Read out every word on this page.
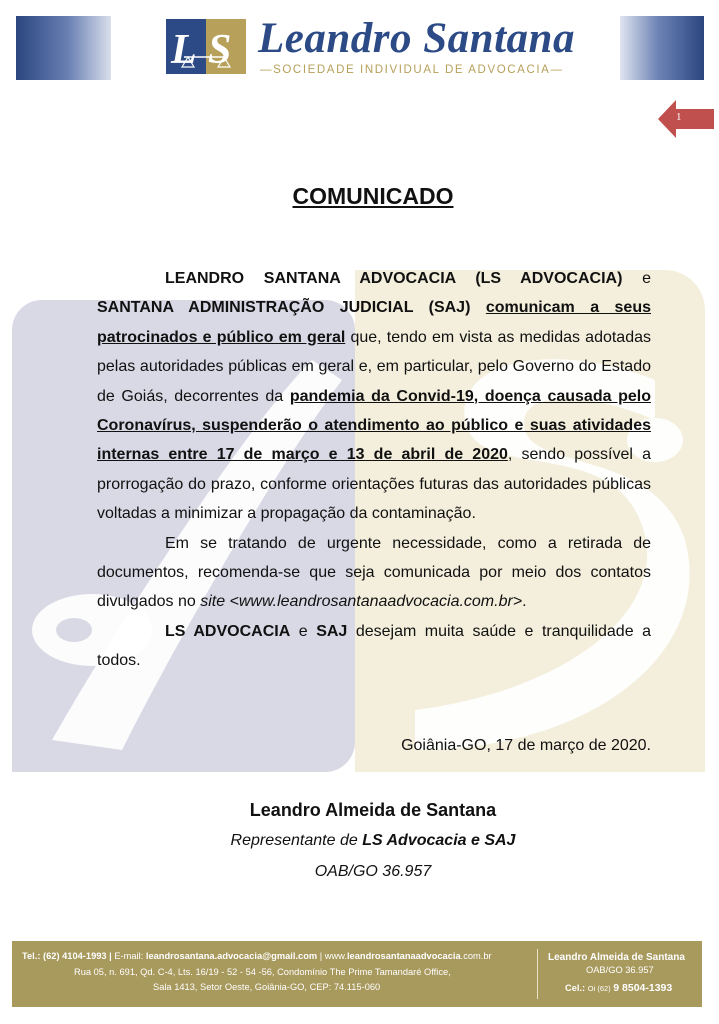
L S Leandro Santana
—SOCIEDADE INDIVIDUAL DE ADVOCACIA—
1
COMUNICADO

LEANDRO SANTANA ADVOCACIA (LS ADVOCACIA) e SANTANA ADMINISTRAÇÃO JUDICIAL (SAJ) comunicam a seus patrocinados e público em geral que, tendo em vista as medidas adotadas pelas autoridades públicas em geral e, em particular, pelo Governo do Estado de Goiás, decorrentes da pandemia da Convid-19, doença causada pelo Coronavírus, suspenderão o atendimento ao público e suas atividades internas entre 17 de março e 13 de abril de 2020, sendo possível a prorrogação do prazo, conforme orientações futuras das autoridades públicas voltadas a minimizar a propagação da contaminação.

Em se tratando de urgente necessidade, como a retirada de documentos, recomenda-se que seja comunicada por meio dos contatos divulgados no site <www.leandrosantanaadvocacia.com.br>.

LS ADVOCACIA e SAJ desejam muita saúde e tranquilidade a todos.

Goiânia-GO, 17 de março de 2020.
Leandro Almeida de Santana
Representante de LS Advocacia e SAJ
OAB/GO 36.957
Tel.: (62) 4104-1993 | E-mail: leandrosantana.advocacia@gmail.com | www.leandrosantanaadvocacia.com.br
Rua 05, n. 691, Qd. C-4, Lts. 16/19 - 52 - 54 -56, Condomínio The Prime Tamandaré Office,
Sala 1413, Setor Oeste, Goiânia-GO, CEP: 74.115-060
Leandro Almeida de Santana
OAB/GO 36.957
Cel.: Oi (62) 9 8504-1393
